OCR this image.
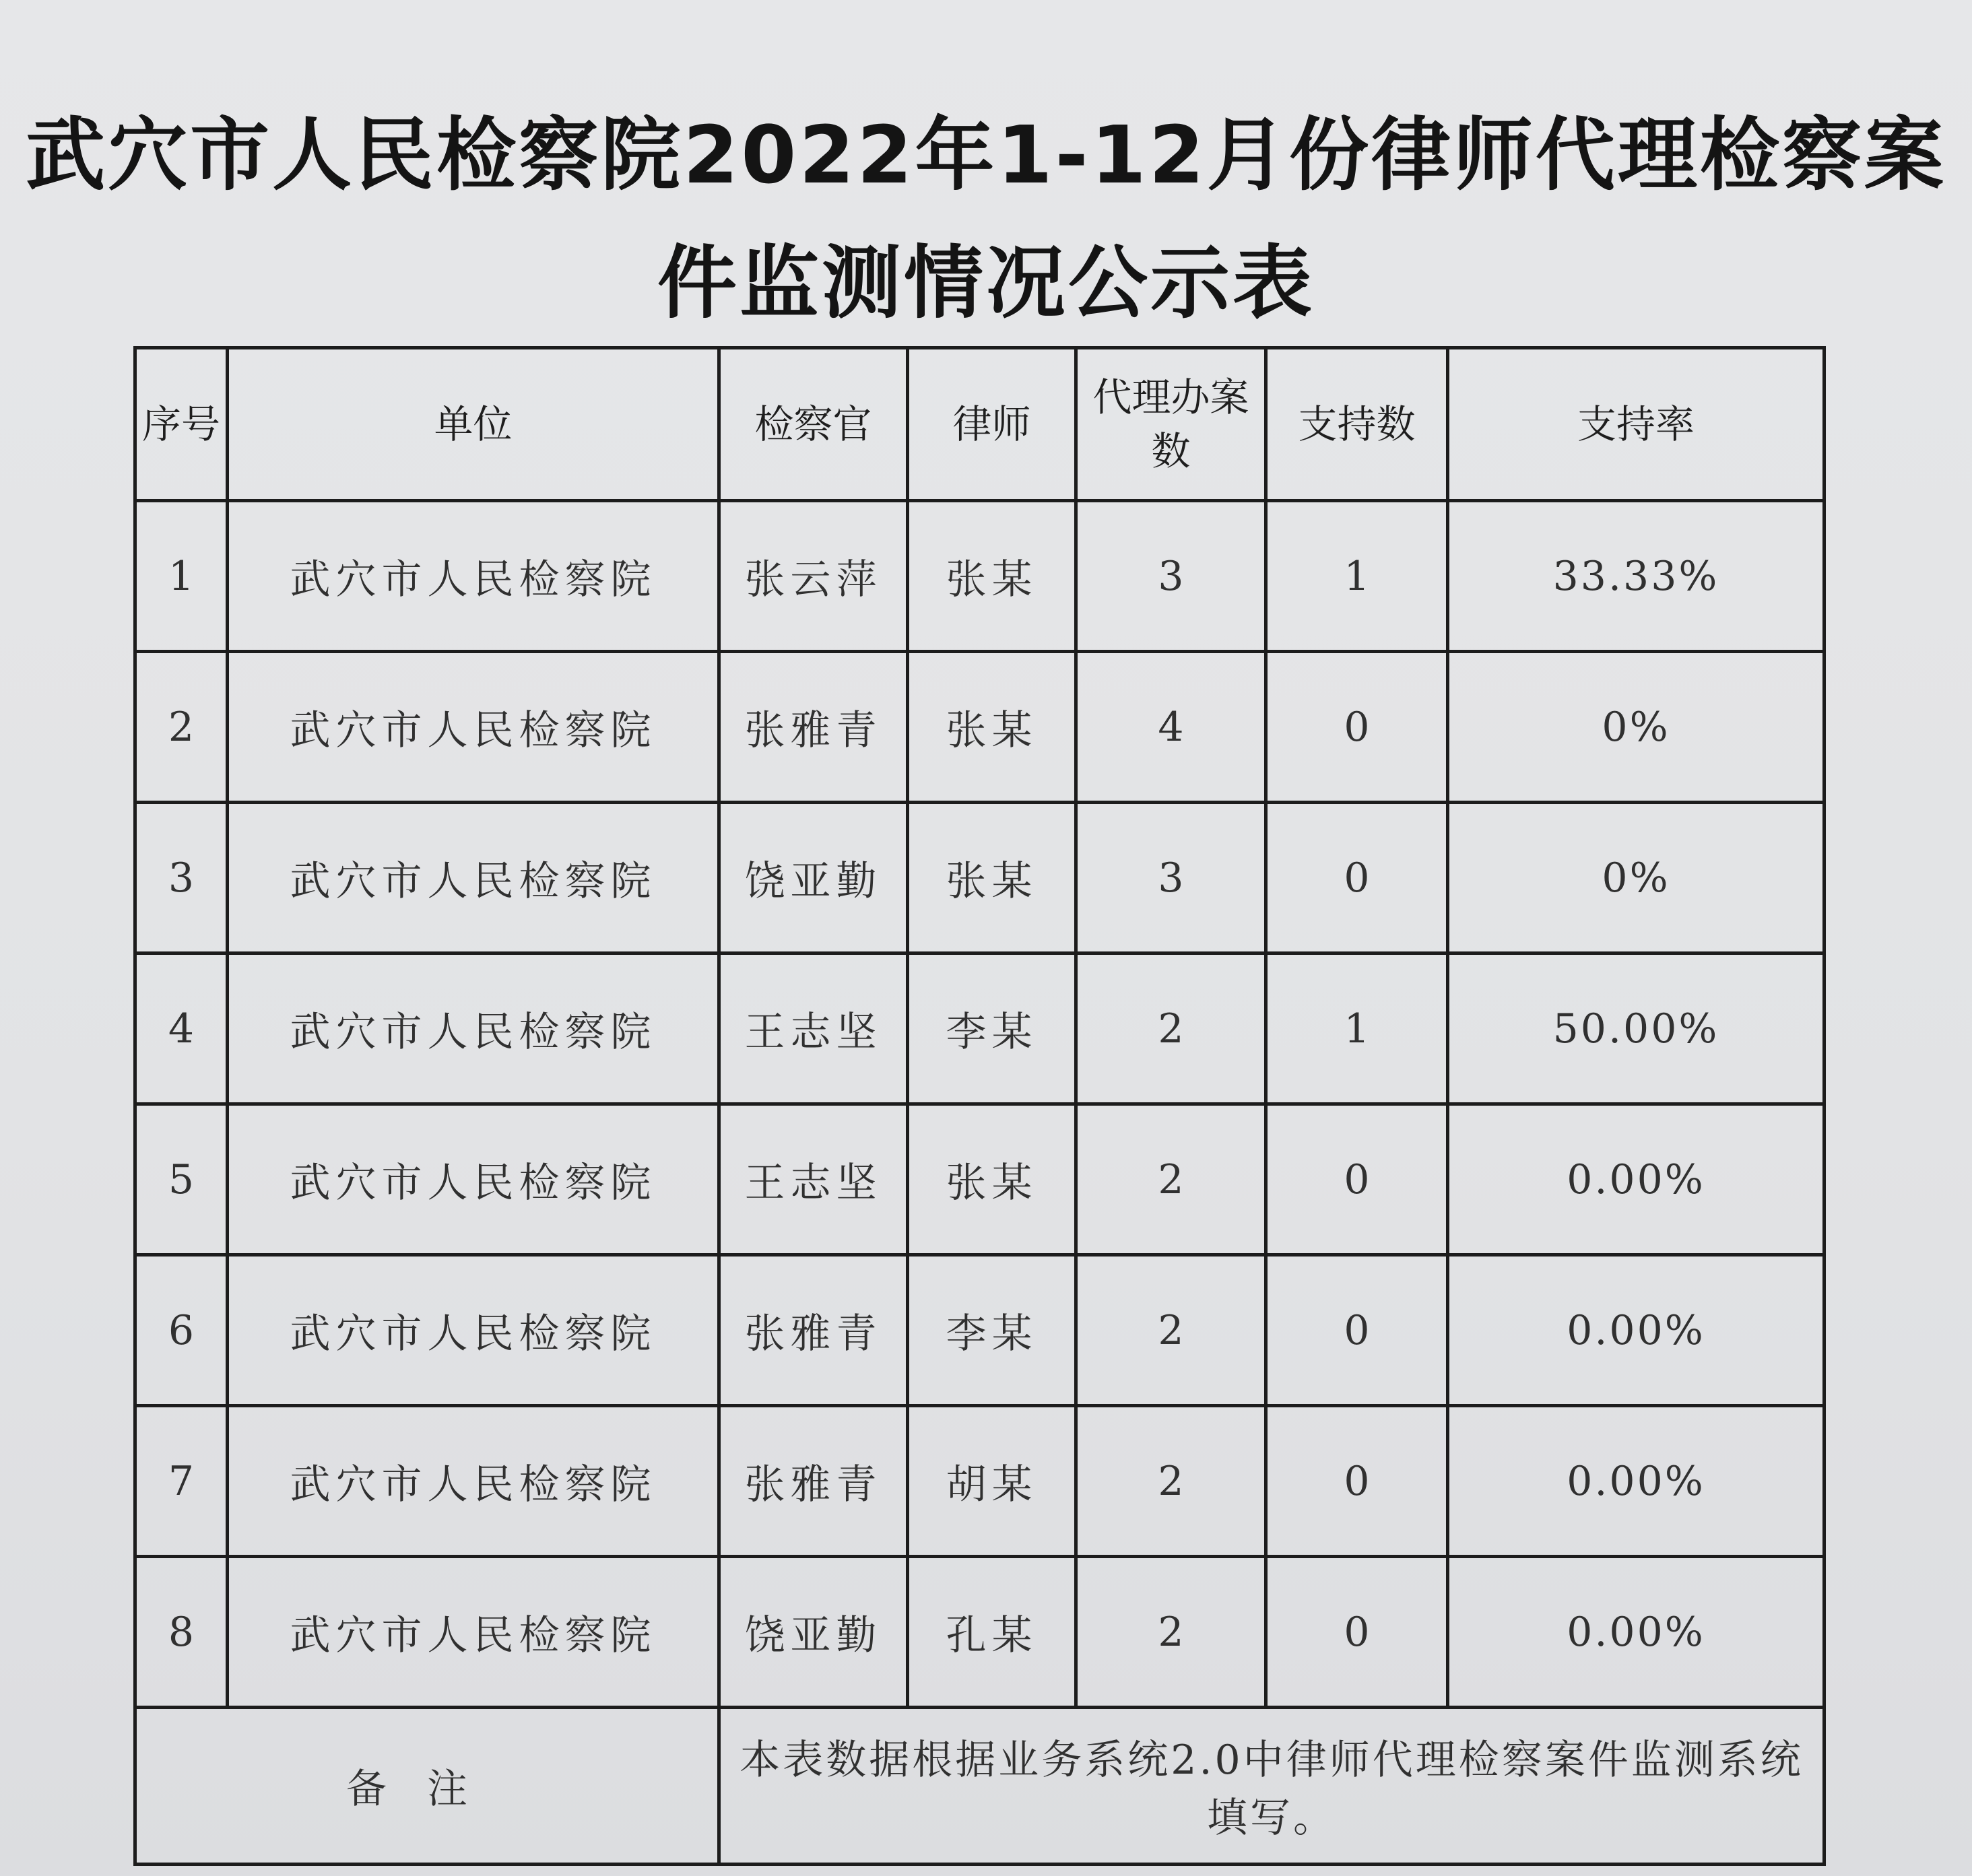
武穴市人民检察院2022年1-12月份律师代理检察案
件监测情况公示表
序号	单位	检察官	律师	代理办案数	支持数	支持率
1	武穴市人民检察院	张云萍	张某	3	1	33.33%
2	武穴市人民检察院	张雅青	张某	4	0	0%
3	武穴市人民检察院	饶亚勤	张某	3	0	0%
4	武穴市人民检察院	王志坚	李某	2	1	50.00%
5	武穴市人民检察院	王志坚	张某	2	0	0.00%
6	武穴市人民检察院	张雅青	李某	2	0	0.00%
7	武穴市人民检察院	张雅青	胡某	2	0	0.00%
8	武穴市人民检察院	饶亚勤	孔某	2	0	0.00%
备注		本表数据根据业务系统2.0中律师代理检察案件监测系统填写。				
